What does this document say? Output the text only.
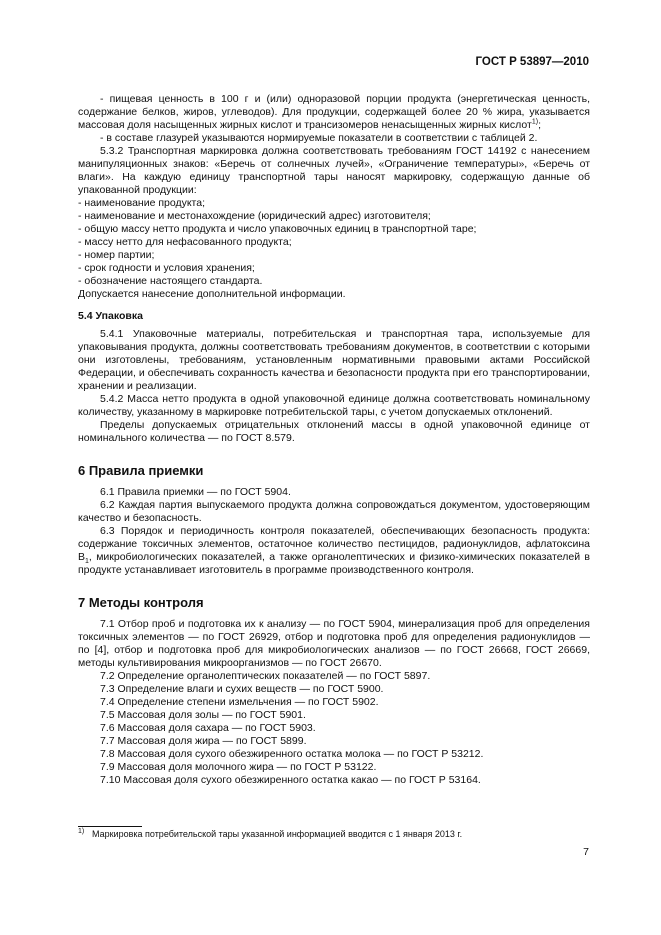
ГОСТ Р 53897—2010

- пищевая ценность в 100 г и (или) одноразовой порции продукта (энергетическая ценность, содержание белков, жиров, углеводов). Для продукции, содержащей более 20 % жира, указывается массовая доля насыщенных жирных кислот и трансизомеров ненасыщенных жирных кислот$^{1)}$;

- в составе глазурей указываются нормируемые показатели в соответствии с таблицей 2.

5.3.2 Транспортная маркировка должна соответствовать требованиям ГОСТ 14192 с нанесением манипуляционных знаков: «Беречь от солнечных лучей», «Ограничение температуры», «Беречь от влаги». На каждую единицу транспортной тары наносят маркировку, содержащую данные об упакованной продукции:

- наименование продукта;
- наименование и местонахождение (юридический адрес) изготовителя;
- общую массу нетто продукта и число упаковочных единиц в транспортной таре;
- массу нетто для нефасованного продукта;
- номер партии;
- срок годности и условия хранения;
- обозначение настоящего стандарта.

Допускается нанесение дополнительной информации.

5.4 Упаковка

5.4.1 Упаковочные материалы, потребительская и транспортная тара, используемые для упаковывания продукта, должны соответствовать требованиям документов, в соответствии с которыми они изготовлены, требованиям, установленным нормативными правовыми актами Российской Федерации, и обеспечивать сохранность качества и безопасности продукта при его транспортировании, хранении и реализации.

5.4.2 Масса нетто продукта в одной упаковочной единице должна соответствовать номинальному количеству, указанному в маркировке потребительской тары, с учетом допускаемых отклонений.

Пределы допускаемых отрицательных отклонений массы в одной упаковочной единице от номинального количества — по ГОСТ 8.579.

6 Правила приемки

6.1 Правила приемки — по ГОСТ 5904.

6.2 Каждая партия выпускаемого продукта должна сопровождаться документом, удостоверяющим качество и безопасность.

6.3 Порядок и периодичность контроля показателей, обеспечивающих безопасность продукта: содержание токсичных элементов, остаточное количество пестицидов, радионуклидов, афлатоксина $В_1$, микробиологических показателей, а также органолептических и физико-химических показателей в продукте устанавливает изготовитель в программе производственного контроля.

7 Методы контроля

7.1 Отбор проб и подготовка их к анализу — по ГОСТ 5904, минерализация проб для определения токсичных элементов — по ГОСТ 26929, отбор и подготовка проб для определения радионуклидов — по [4], отбор и подготовка проб для микробиологических анализов — по ГОСТ 26668, ГОСТ 26669, методы культивирования микроорганизмов — по ГОСТ 26670.

7.2 Определение органолептических показателей — по ГОСТ 5897.

7.3 Определение влаги и сухих веществ — по ГОСТ 5900.

7.4 Определение степени измельчения — по ГОСТ 5902.

7.5 Массовая доля золы — по ГОСТ 5901.

7.6 Массовая доля сахара — по ГОСТ 5903.

7.7 Массовая доля жира — по ГОСТ 5899.

7.8 Массовая доля сухого обезжиренного остатка молока — по ГОСТ Р 53212.

7.9 Массовая доля молочного жира — по ГОСТ Р 53122.

7.10 Массовая доля сухого обезжиренного остатка какао — по ГОСТ Р 53164.

$^{1)}$ Маркировка потребительской тары указанной информацией вводится с 1 января 2013 г.
7
